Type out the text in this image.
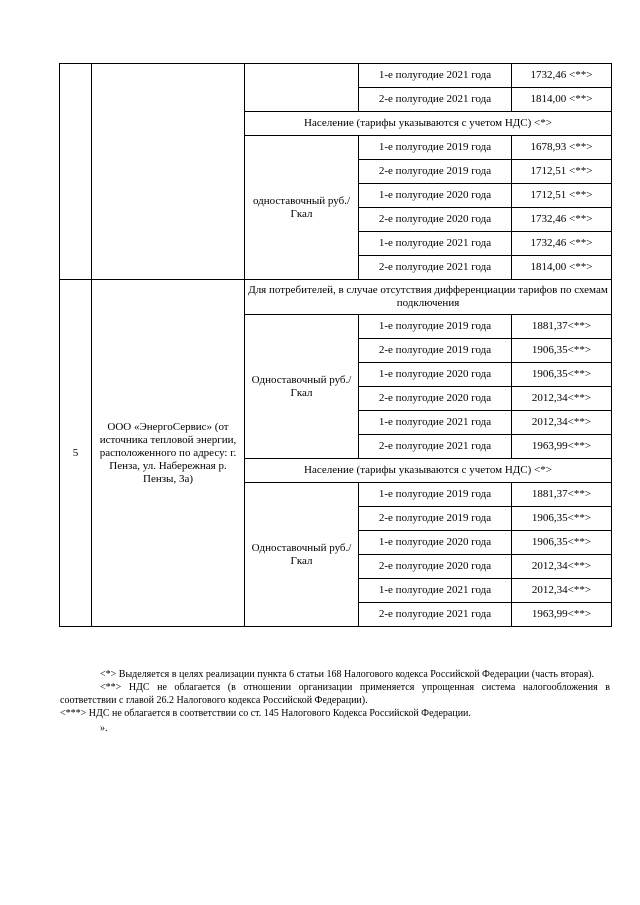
			1-е полугодие 2021 года	1732,46 <**>
			2-е полугодие 2021 года	1814,00 <**>
		Население (тарифы указываются с учетом НДС) <*>		
		одноставочный руб./Гкал	1-е полугодие 2019 года	1678,93 <**>
			2-е полугодие 2019 года	1712,51 <**>
			1-е полугодие 2020 года	1712,51 <**>
			2-е полугодие 2020 года	1732,46 <**>
			1-е полугодие 2021 года	1732,46 <**>
			2-е полугодие 2021 года	1814,00 <**>
5	ООО «ЭнергоСервис» (от источника тепловой энергии, расположенного по адресу: г. Пенза, ул. Набережная р. Пензы, 3а)	Для потребителей, в случае отсутствия дифференциации тарифов по схемам подключения		
		Одноставочный руб./Гкал	1-е полугодие 2019 года	1881,37<**>
			2-е полугодие 2019 года	1906,35<**>
			1-е полугодие 2020 года	1906,35<**>
			2-е полугодие 2020 года	2012,34<**>
			1-е полугодие 2021 года	2012,34<**>
			2-е полугодие 2021 года	1963,99<**>
		Население (тарифы указываются с учетом НДС) <*>		
		Одноставочный руб./Гкал	1-е полугодие 2019 года	1881,37<**>
			2-е полугодие 2019 года	1906,35<**>
			1-е полугодие 2020 года	1906,35<**>
			2-е полугодие 2020 года	2012,34<**>
			1-е полугодие 2021 года	2012,34<**>
			2-е полугодие 2021 года	1963,99<**>

<*> Выделяется в целях реализации пункта 6 статьи 168 Налогового кодекса Российской Федерации (часть вторая).

<**> НДС не облагается (в отношении организации применяется упрощенная система налогообложения в соответствии с главой 26.2 Налогового кодекса Российской Федерации).

<***> НДС не облагается в соответствии со ст. 145 Налогового Кодекса Российской Федерации.

».
